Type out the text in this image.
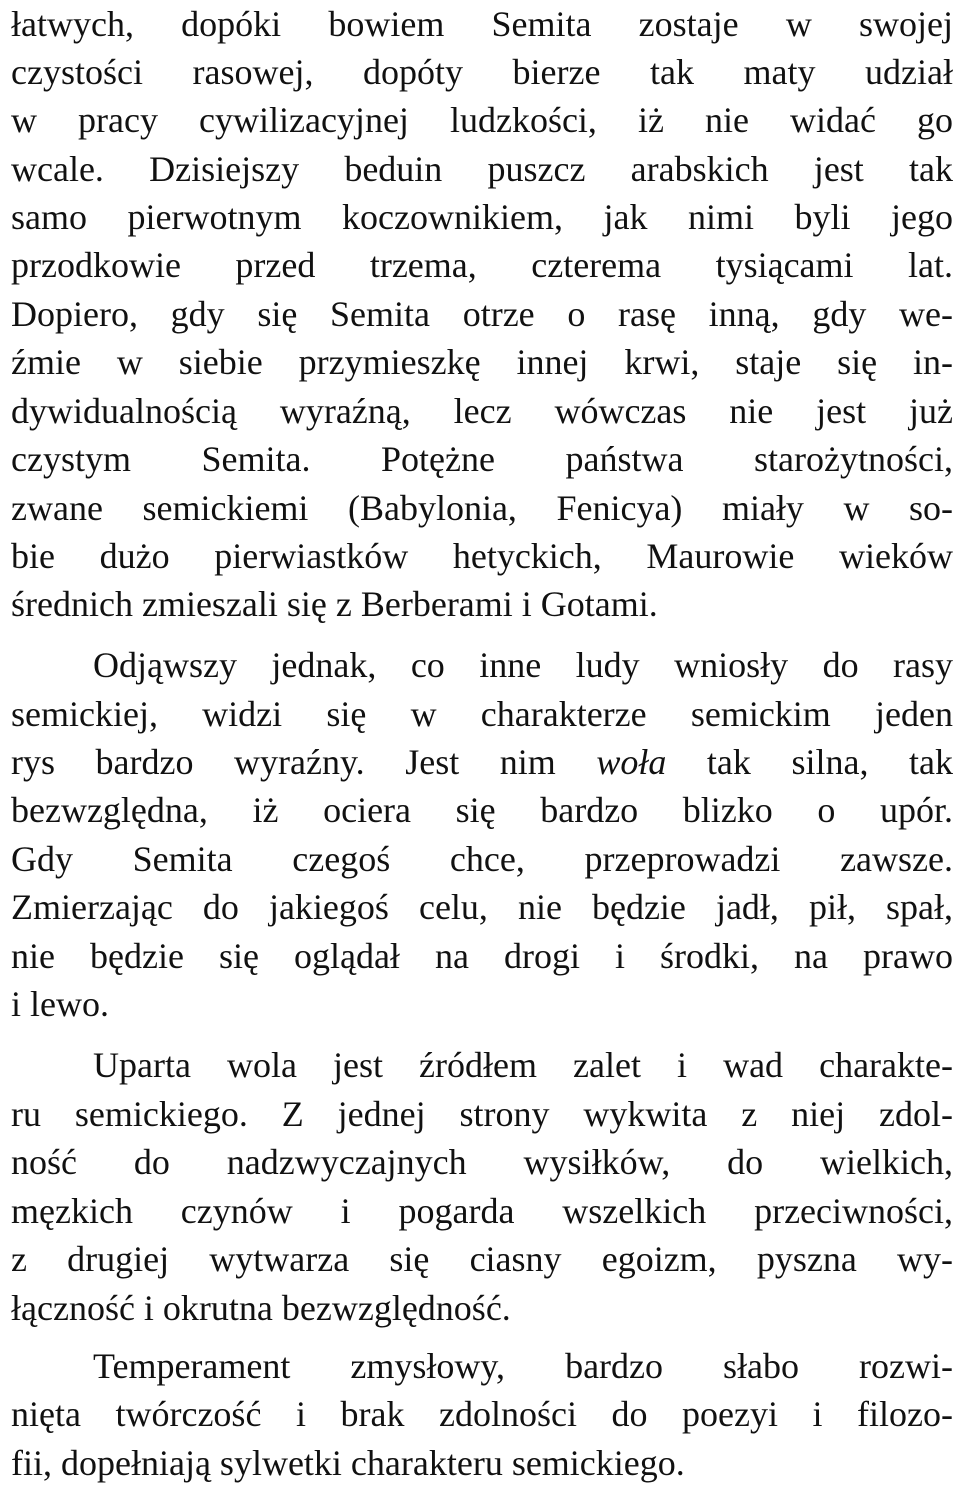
łatwych, dopóki bowiem Semita zostaje w swojej
czystości rasowej, dopóty bierze tak maty udział
w pracy cywilizacyjnej ludzkości, iż nie widać go
wcale. Dzisiejszy beduin puszcz arabskich jest tak
samo pierwotnym koczownikiem, jak nimi byli jego
przodkowie przed trzema, czterema tysiącami lat.
Dopiero, gdy się Semita otrze o rasę inną, gdy we-
źmie w siebie przymieszkę innej krwi, staje się in-
dywidualnością wyraźną, lecz wówczas nie jest już
czystym Semita. Potężne państwa starożytności,
zwane semickiemi (Babylonia, Fenicya) miały w so-
bie dużo pierwiastków hetyckich, Maurowie wieków
średnich zmieszali się z Berberami i Gotami.
Odjąwszy jednak, co inne ludy wniosły do rasy
semickiej, widzi się w charakterze semickim jeden
rys bardzo wyraźny. Jest nim woła tak silna, tak
bezwzględna, iż ociera się bardzo blizko o upór.
Gdy Semita czegoś chce, przeprowadzi zawsze.
Zmierzając do jakiegoś celu, nie będzie jadł, pił, spał,
nie będzie się oglądał na drogi i środki, na prawo
i lewo.
Uparta wola jest źródłem zalet i wad charakte-
ru semickiego. Z jednej strony wykwita z niej zdol-
ność do nadzwyczajnych wysiłków, do wielkich,
męzkich czynów i pogarda wszelkich przeciwności,
z drugiej wytwarza się ciasny egoizm, pyszna wy-
łączność i okrutna bezwzględność.
Temperament zmysłowy, bardzo słabo rozwi-
nięta twórczość i brak zdolności do poezyi i filozo-
fii, dopełniają sylwetki charakteru semickiego.
